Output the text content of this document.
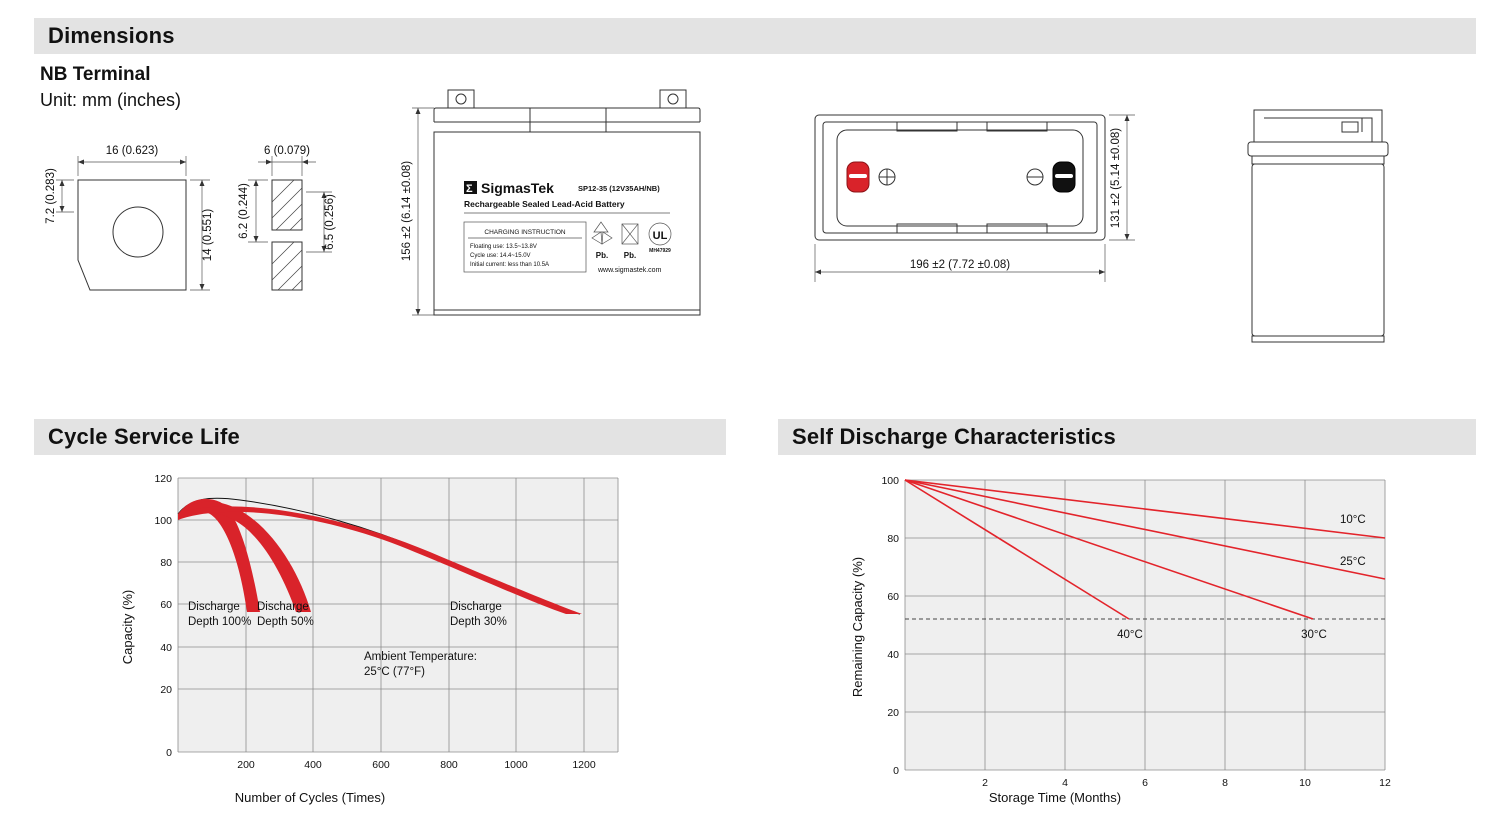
Dimensions
NB Terminal
Unit: mm (inches)
16 (0.623)
7.2 (0.283)
14 (0.551)
6 (0.079)
6.2 (0.244)	6.5 (0.256)	156 ±2 (6.14 ±0.08)	Σ SigmasTek	SP12-35 (12V35AH/NB)
Rechargeable Sealed Lead-Acid Battery
CHARGING INSTRUCTION
Floating use: 13.5~13.8V
Cycle use: 14.4~15.0V
Initial current: less than 10.5A
Pb. Pb.
UL
MH47929
www.sigmastek.com
131 ±2 (5.14 ±0.08)
196 ±2 (7.72 ±0.08)
Cycle Service Life
120
100
80
60
40
20
0
200	400	600	800	1000	1200
Discharge
Depth 100%
Discharge
Depth 50%
Discharge
Depth 30%
Ambient Temperature:
25°C (77°F)
Capacity (%)
Number of Cycles (Times)
Self Discharge Characteristics
100
80
60
40
20
0
2	4	6	8	10	12
40°C	30°C
25°C
10°C
Remaining Capacity (%)
Storage Time (Months)
